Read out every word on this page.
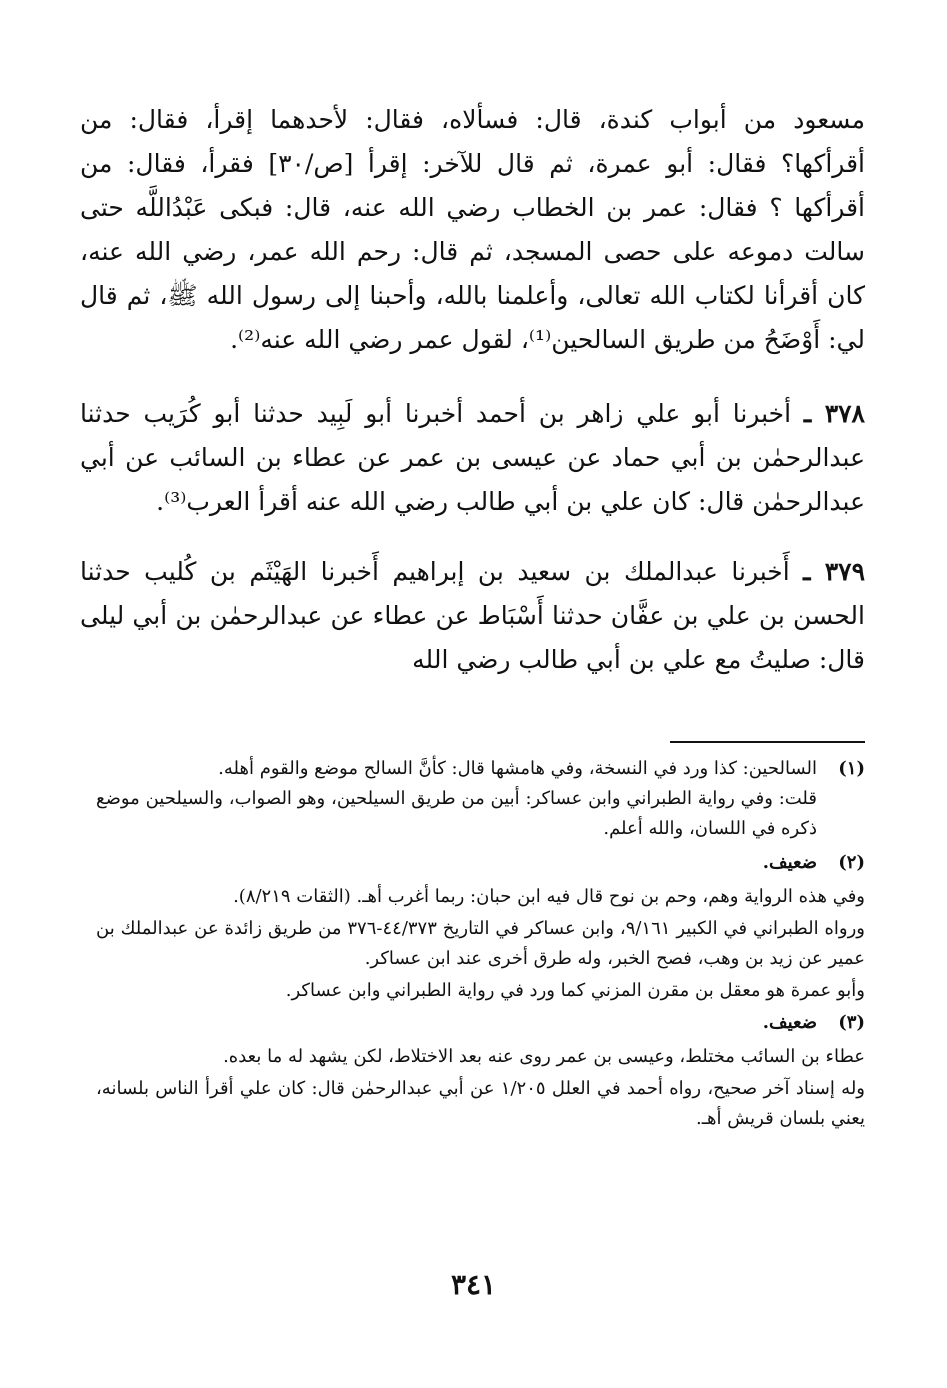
مسعود من أبواب كندة، قال: فسألاه، فقال: لأحدهما إقرأ، فقال: من أقرأكها؟ فقال: أبو عمرة، ثم قال للآخر: إقرأ [ص/٣٠] فقرأ، فقال: من أقرأكها ؟ فقال: عمر بن الخطاب رضي الله عنه، قال: فبكى عَبْدُاللَّه حتى سالت دموعه على حصى المسجد، ثم قال: رحم الله عمر، رضي الله عنه، كان أقرأنا لكتاب الله تعالى، وأعلمنا بالله، وأحبنا إلى رسول الله ﷺ، ثم قال لي: أَوْضَحُ من طريق السالحين⁽¹⁾، لقول عمر رضي الله عنه⁽²⁾.

٣٧٨ ـ أخبرنا أبو علي زاهر بن أحمد أخبرنا أبو لَبِيد حدثنا أبو كُرَيب حدثنا عبدالرحمٰن بن أبي حماد عن عيسى بن عمر عن عطاء بن السائب عن أبي عبدالرحمٰن قال: كان علي بن أبي طالب رضي الله عنه أقرأ العرب⁽³⁾.

٣٧٩ ـ أَخبرنا عبدالملك بن سعيد بن إبراهيم أَخبرنا الهَيْثَم بن كُليب حدثنا الحسن بن علي بن عفَّان حدثنا أَسْبَاط عن عطاء عن عبدالرحمٰن بن أبي ليلى قال: صليتُ مع علي بن أبي طالب رضي الله

(١)

السالحين: كذا ورد في النسخة، وفي هامشها قال: كأنَّ السالح موضع والقوم أهله.

قلت: وفي رواية الطبراني وابن عساكر: أبين من طريق السيلحين، وهو الصواب، والسيلحين موضع ذكره في اللسان، والله أعلم.

(٢)

ضعيف.

وفي هذه الرواية وهم، وحم بن نوح قال فيه ابن حبان: ربما أغرب أهـ. (الثقات ٨/٢١٩).

ورواه الطبراني في الكبير ٩/١٦١، وابن عساكر في التاريخ ٤٤/٣٧٣-٣٧٦ من طريق زائدة عن عبدالملك بن عمير عن زيد بن وهب، فصح الخبر، وله طرق أخرى عند ابن عساكر.

وأبو عمرة هو معقل بن مقرن المزني كما ورد في رواية الطبراني وابن عساكر.

(٣)

ضعيف.

عطاء بن السائب مختلط، وعيسى بن عمر روى عنه بعد الاختلاط، لكن يشهد له ما بعده.

وله إسناد آخر صحيح، رواه أحمد في العلل ١/٢٠٥ عن أبي عبدالرحمٰن قال: كان علي أقرأ الناس بلسانه، يعني بلسان قريش أهـ.

٣٤١
